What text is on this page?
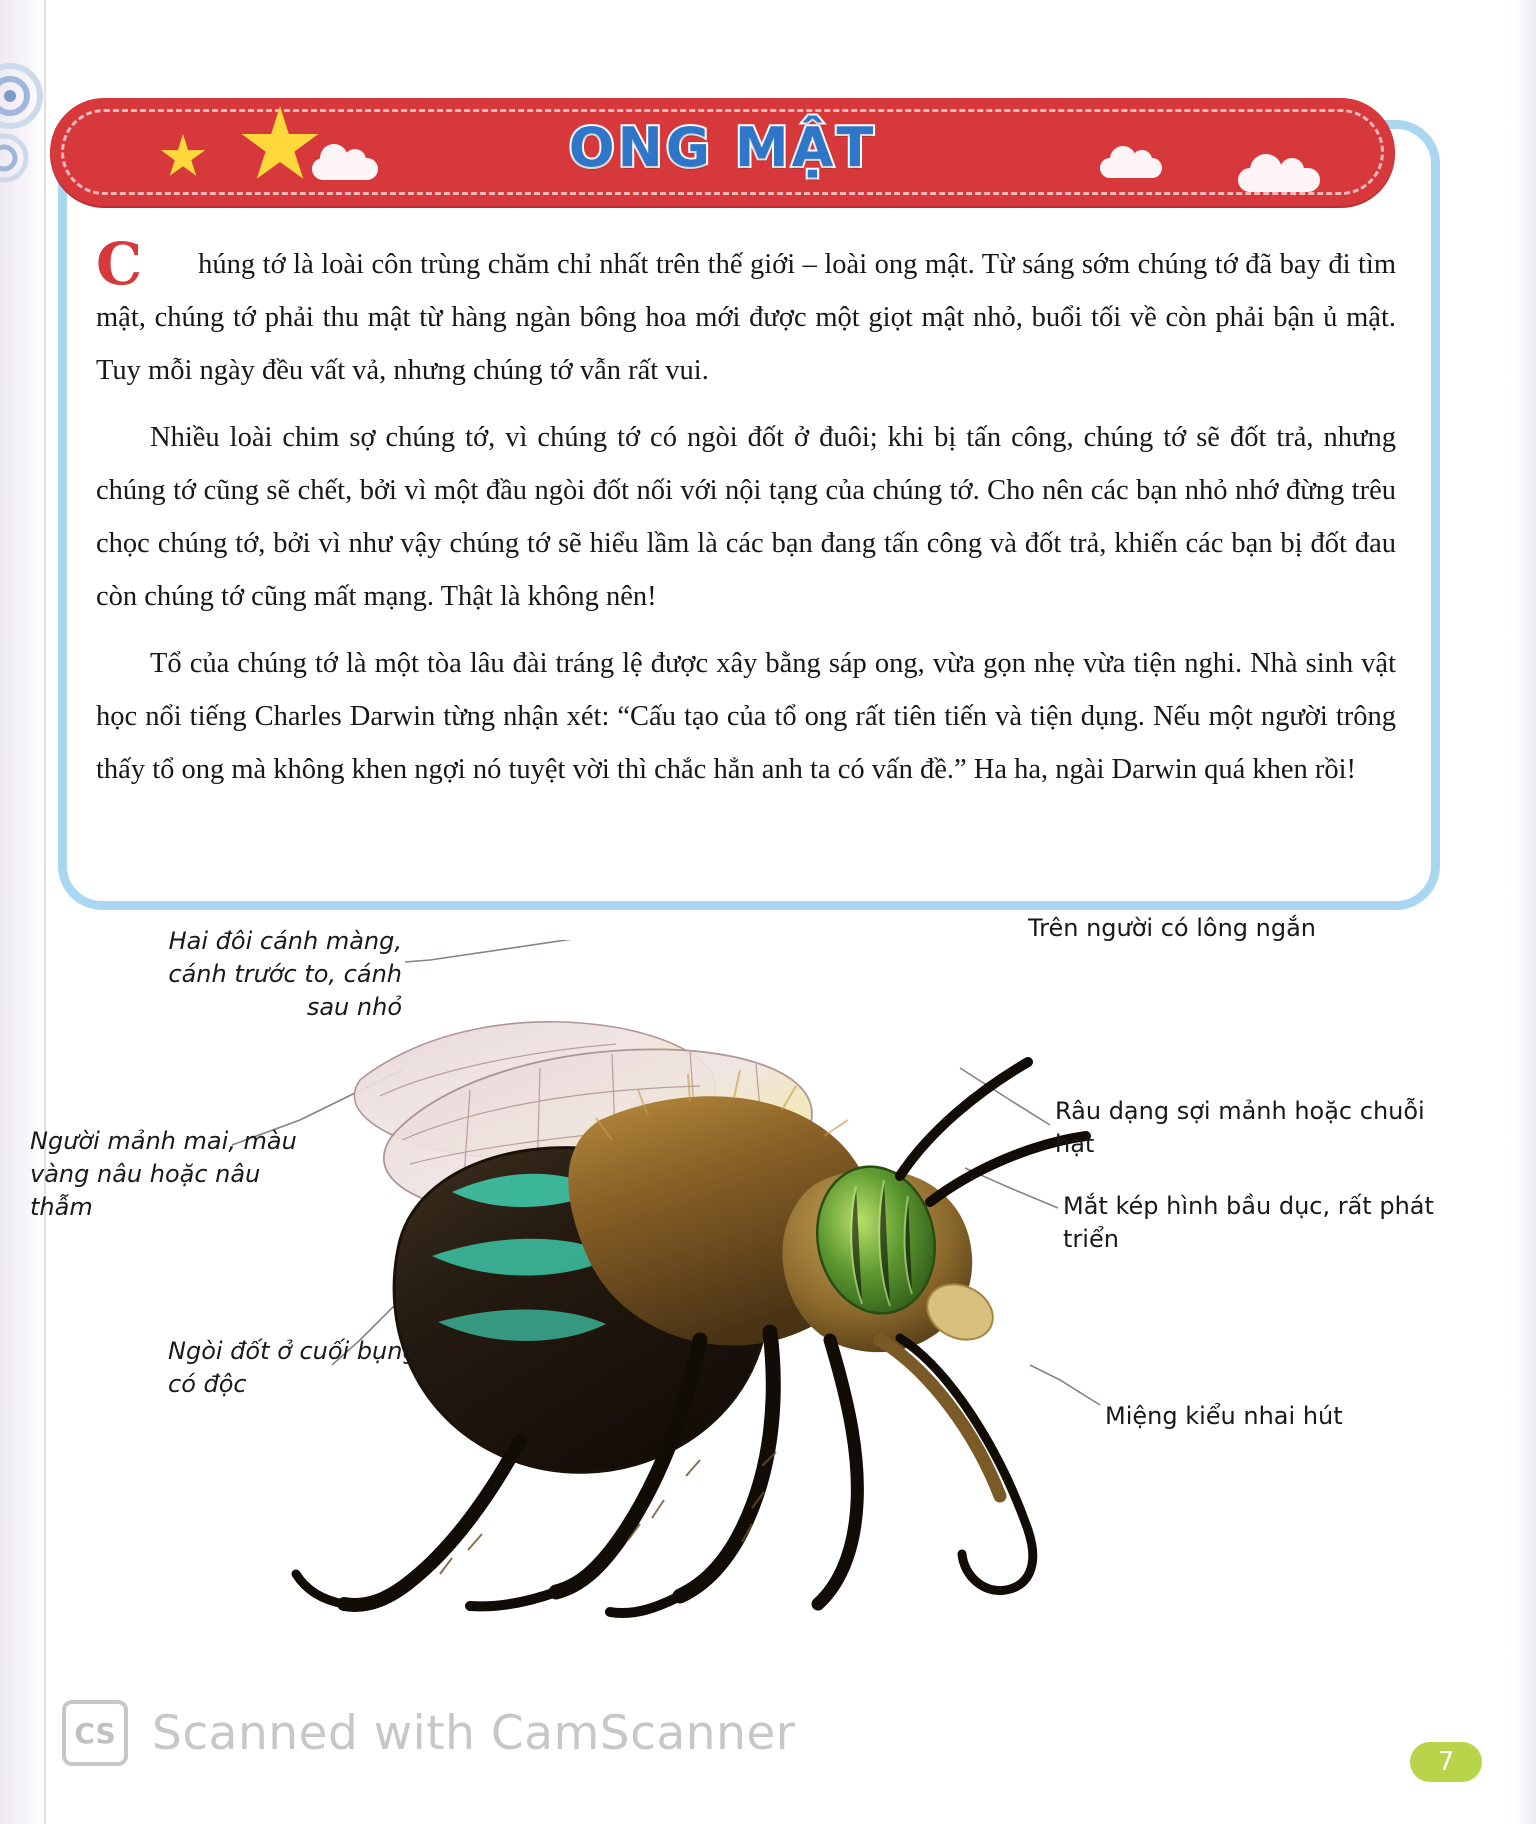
ONG MẬT

C húng tớ là loài côn trùng chăm chỉ nhất trên thế giới – loài ong mật. Từ sáng sớm chúng tớ đã bay đi tìm mật, chúng tớ phải thu mật từ hàng ngàn bông hoa mới được một giọt mật nhỏ, buổi tối về còn phải bận ủ mật. Tuy mỗi ngày đều vất vả, nhưng chúng tớ vẫn rất vui.

Nhiều loài chim sợ chúng tớ, vì chúng tớ có ngòi đốt ở đuôi; khi bị tấn công, chúng tớ sẽ đốt trả, nhưng chúng tớ cũng sẽ chết, bởi vì một đầu ngòi đốt nối với nội tạng của chúng tớ. Cho nên các bạn nhỏ nhớ đừng trêu chọc chúng tớ, bởi vì như vậy chúng tớ sẽ hiểu lầm là các bạn đang tấn công và đốt trả, khiến các bạn bị đốt đau còn chúng tớ cũng mất mạng. Thật là không nên!

Tổ của chúng tớ là một tòa lâu đài tráng lệ được xây bằng sáp ong, vừa gọn nhẹ vừa tiện nghi. Nhà sinh vật học nổi tiếng Charles Darwin từng nhận xét: “Cấu tạo của tổ ong rất tiên tiến và tiện dụng. Nếu một người trông thấy tổ ong mà không khen ngợi nó tuyệt vời thì chắc hẳn anh ta có vấn đề.” Ha ha, ngài Darwin quá khen rồi!

Hai đôi cánh màng, cánh trước to, cánh sau nhỏ
Người mảnh mai, màu vàng nâu hoặc nâu thẫm
Ngòi đốt ở cuối bụng, có độc
Trên người có lông ngắn
Râu dạng sợi mảnh hoặc chuỗi hạt
Mắt kép hình bầu dục, rất phát triển
Miệng kiểu nhai hút
CS Scanned with CamScanner
7
